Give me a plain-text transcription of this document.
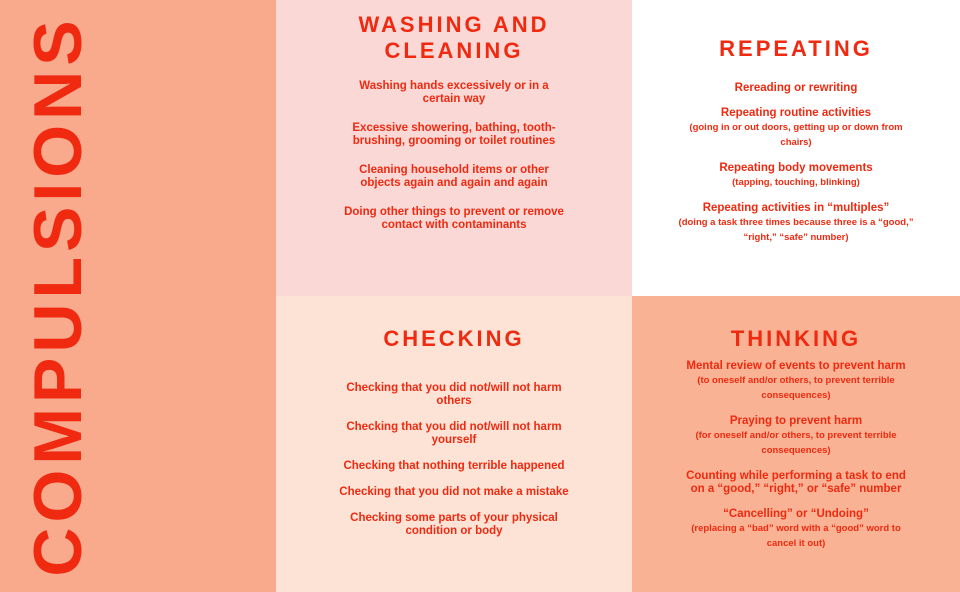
COMPULSIONS	WASHING AND CLEANING
Washing hands excessively or in a certain way
Excessive showering, bathing, tooth-brushing, grooming or toilet routines
Cleaning household items or other objects again and again and again
Doing other things to prevent or remove contact with contaminants
REPEATING
Rereading or rewriting
Repeating routine activities
(going in or out doors, getting up or down from chairs)
Repeating body movements
(tapping, touching, blinking)
Repeating activities in “multiples”
(doing a task three times because three is a “good,” “right,” “safe” number)
CHECKING
Checking that you did not/will not harm others
Checking that you did not/will not harm yourself
Checking that nothing terrible happened
Checking that you did not make a mistake
Checking some parts of your physical condition or body
THINKING
Mental review of events to prevent harm
(to oneself and/or others, to prevent terrible consequences)
Praying to prevent harm
(for oneself and/or others, to prevent terrible consequences)
Counting while performing a task to end on a “good,” “right,” or “safe” number
“Cancelling” or “Undoing”
(replacing a “bad” word with a “good” word to cancel it out)
